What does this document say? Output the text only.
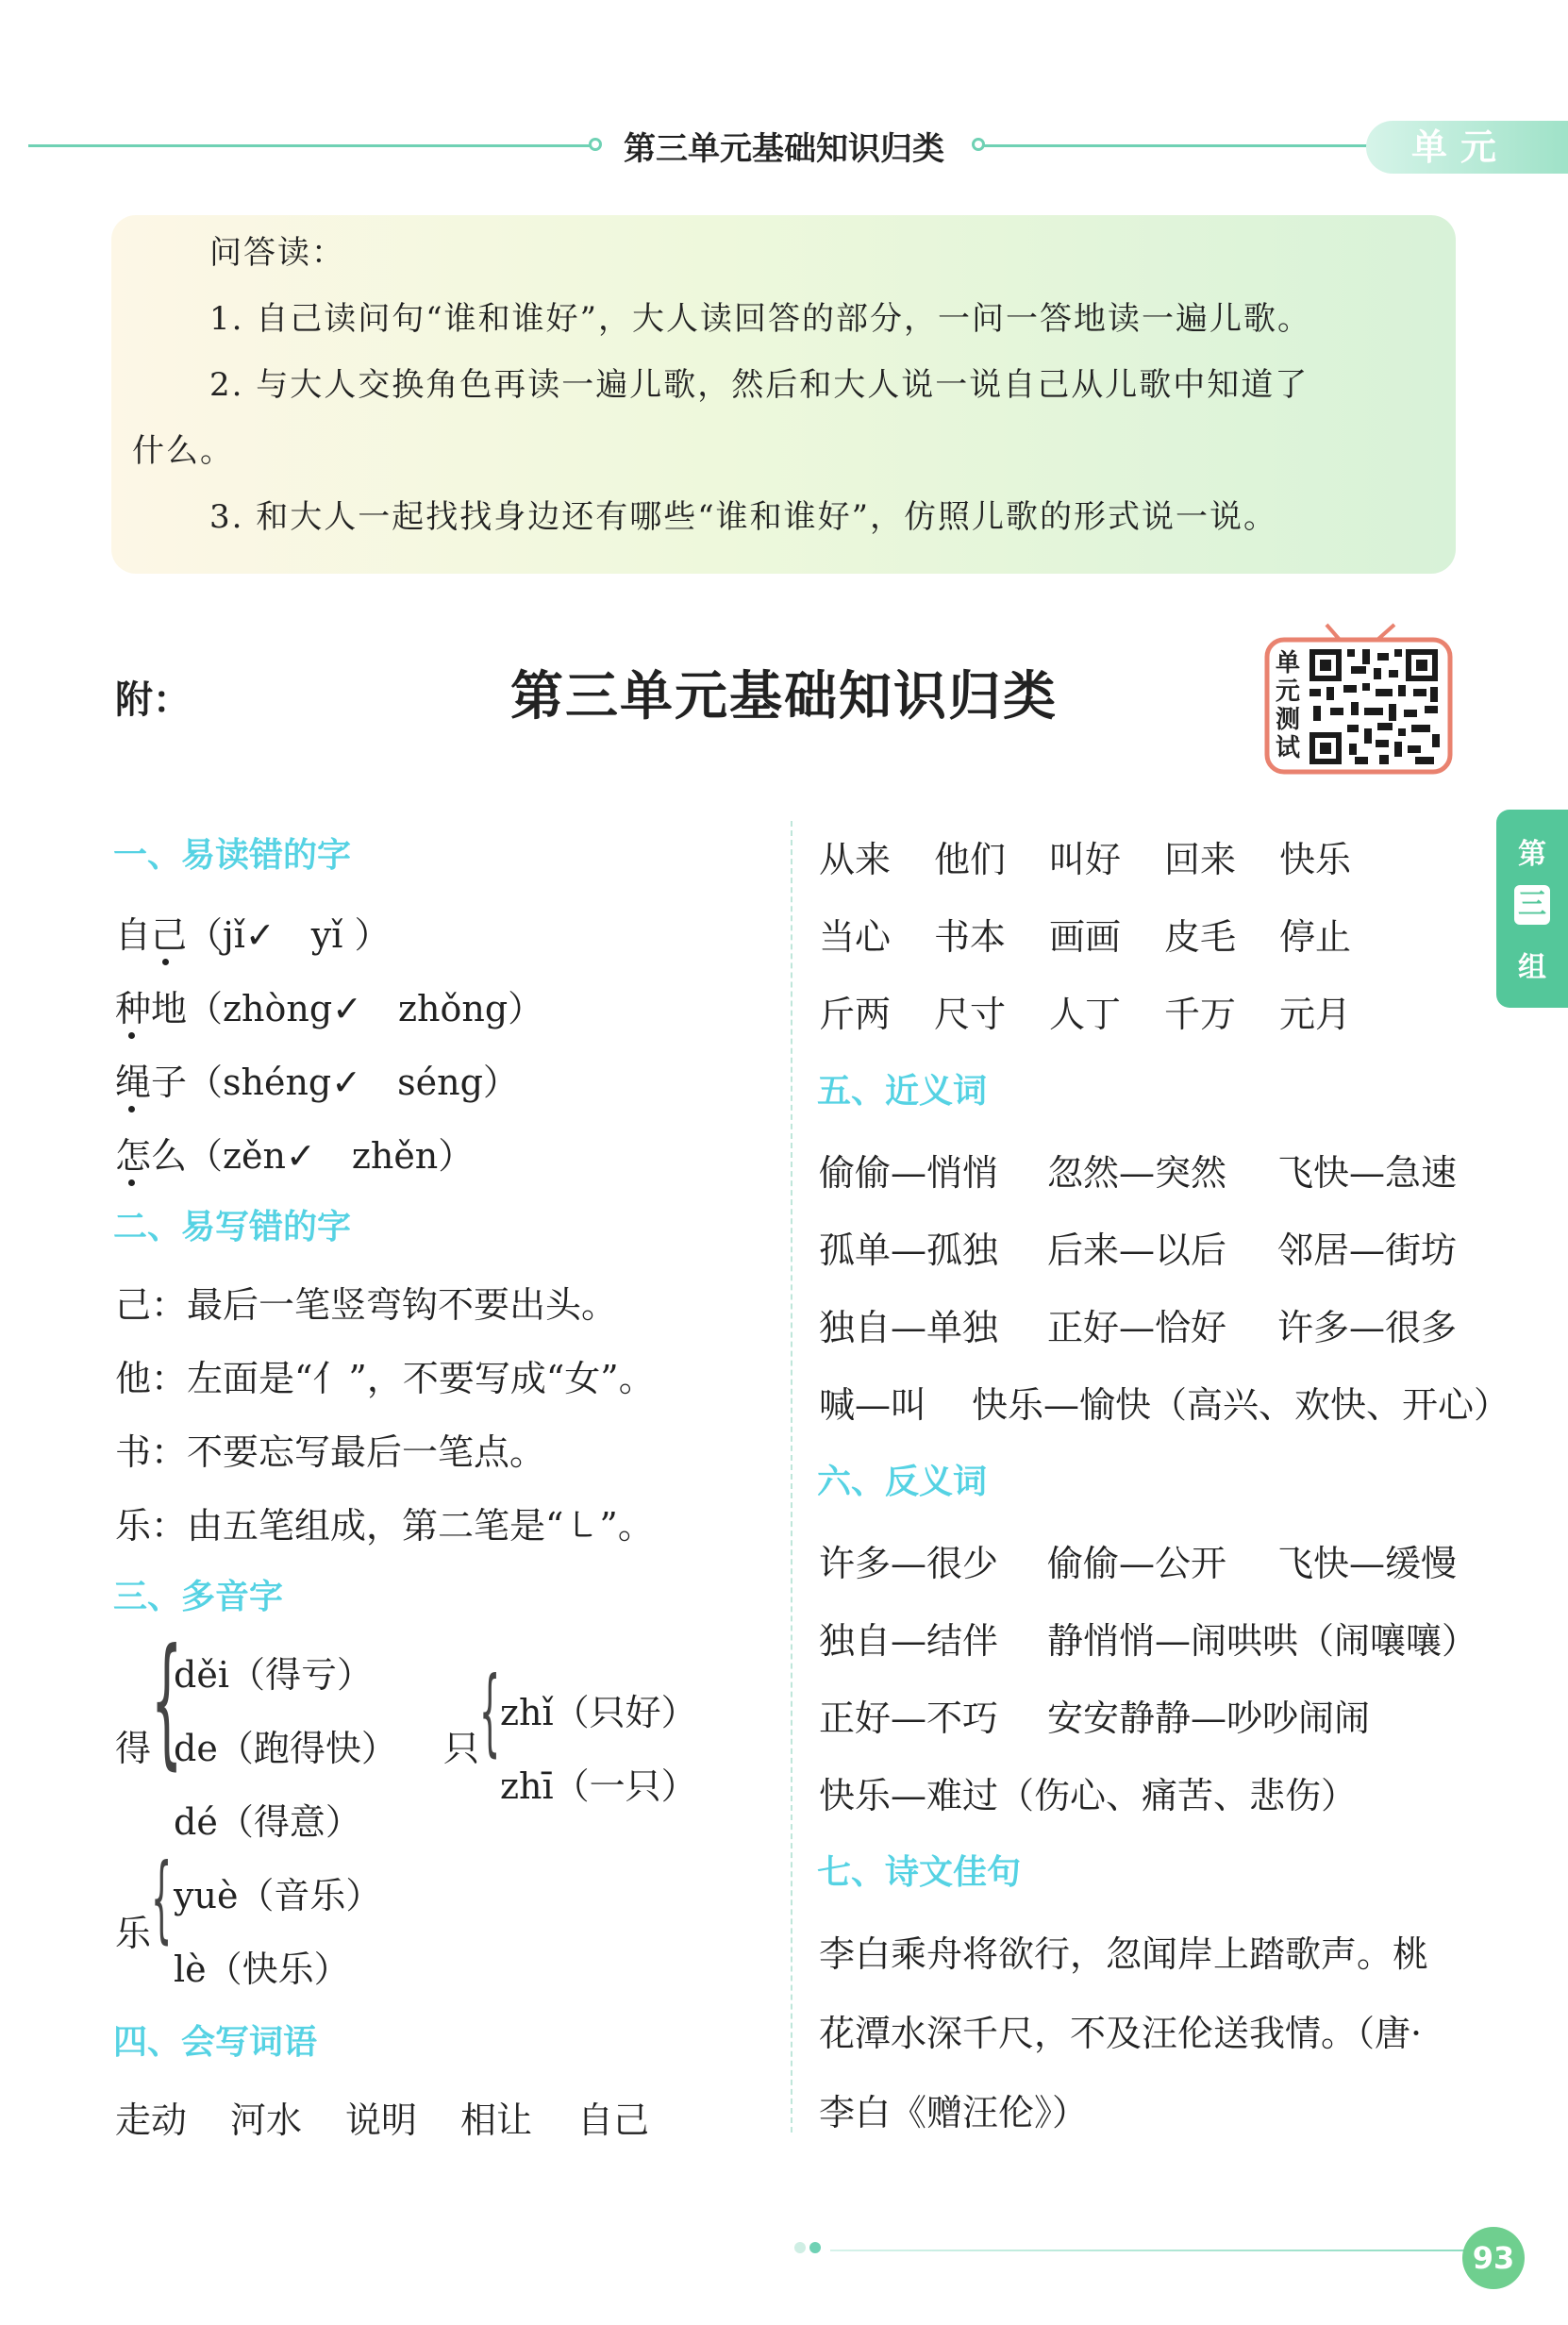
第三单元基础知识归类	单元
问答读：
1. 自己读问句“谁和谁好”，大人读回答的部分，一问一答地读一遍儿歌。
2. 与大人交换角色再读一遍儿歌，然后和大人说一说自己从儿歌中知道了
什么。
3. 和大人一起找找身边还有哪些“谁和谁好”，仿照儿歌的形式说一说。
附：	第三单元基础知识归类
单
元
测
试
第
三
组
一、易读错的字
自己（jǐ✓　yǐ ）
种地（zhòng✓　zhǒng）
绳子（shéng✓　séng）
怎么（zěn✓　zhěn）
二、易写错的字
己：最后一笔竖弯钩不要出头。
他：左面是“亻”，不要写成“女”。
书：不要忘写最后一笔点。
乐：由五笔组成，第二笔是“㇄”。
三、多音字
得 {
děi（得亏）
de（跑得快）
dé（得意）
只 { zhǐ（只好）
zhī（一只）
乐 { yuè（音乐）
lè（快乐）
四、会写词语
走动 河水 说明 相让 自己
从来 他们 叫好 回来 快乐
当心 书本 画画 皮毛 停止
斤两 尺寸 人丁 千万 元月
五、近义词
偷偷—悄悄 忽然—突然 飞快—急速
孤单—孤独 后来—以后 邻居—街坊
独自—单独 正好—恰好 许多—很多
喊—叫 快乐—愉快（高兴、欢快、开心）
六、反义词
许多—很少 偷偷—公开 飞快—缓慢
独自—结伴 静悄悄—闹哄哄（闹嚷嚷）
正好—不巧 安安静静—吵吵闹闹
快乐—难过（伤心、痛苦、悲伤）
七、诗文佳句
李白乘舟将欲行，忽闻岸上踏歌声。桃
花潭水深千尺，不及汪伦送我情。（唐·
李白《赠汪伦》）
93
